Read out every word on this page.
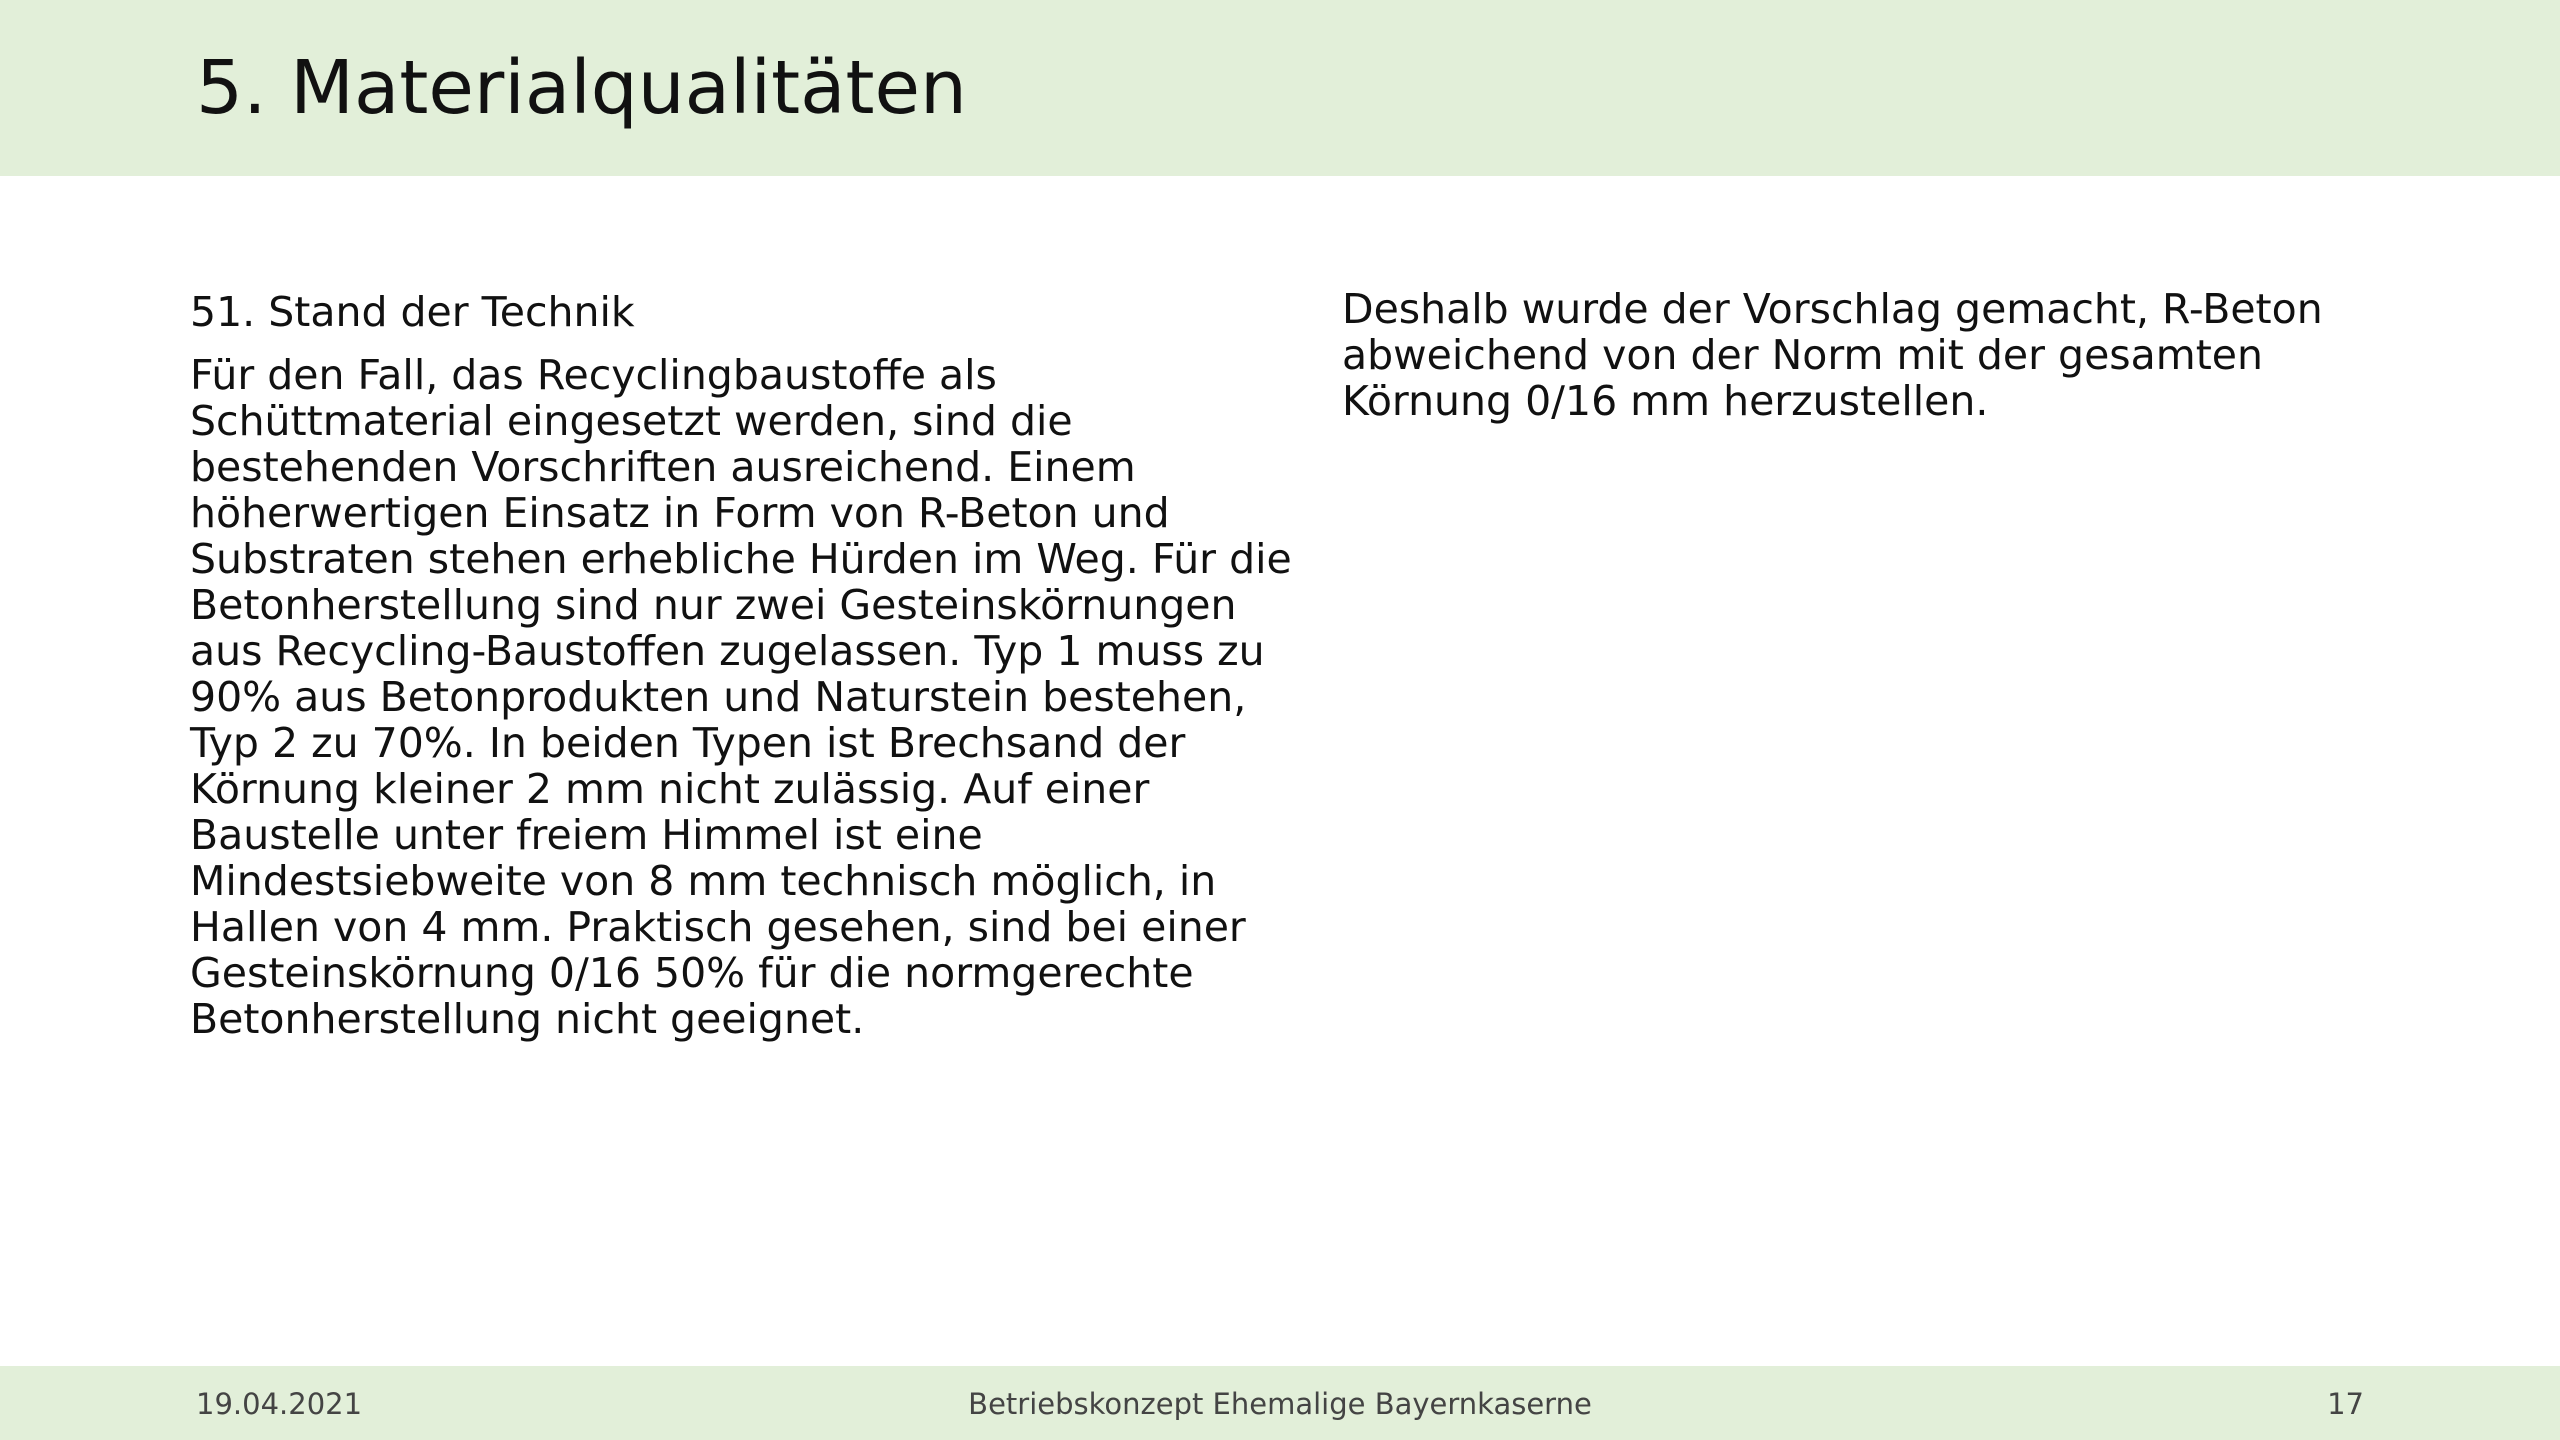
5. Materialqualitäten

51. Stand der Technik

Für den Fall, das Recyclingbaustoffe als Schüttmaterial eingesetzt werden, sind die bestehenden Vorschriften ausreichend. Einem höherwertigen Einsatz in Form von R-Beton und Substraten stehen erhebliche Hürden im Weg. Für die Betonherstellung sind nur zwei Gesteinskörnungen aus Recycling-Baustoffen zugelassen. Typ 1 muss zu 90% aus Betonprodukten und Naturstein bestehen, Typ 2 zu 70%. In beiden Typen ist Brechsand der Körnung kleiner 2 mm nicht zulässig. Auf einer Baustelle unter freiem Himmel ist eine Mindestsiebweite von 8 mm technisch möglich, in Hallen von 4 mm. Praktisch gesehen, sind bei einer Gesteinskörnung 0/16 50% für die normgerechte Betonherstellung nicht geeignet.

Deshalb wurde der Vorschlag gemacht, R-Beton abweichend von der Norm mit der gesamten Körnung 0/16 mm herzustellen.

19.04.2021	Betriebskonzept Ehemalige Bayernkaserne	17
